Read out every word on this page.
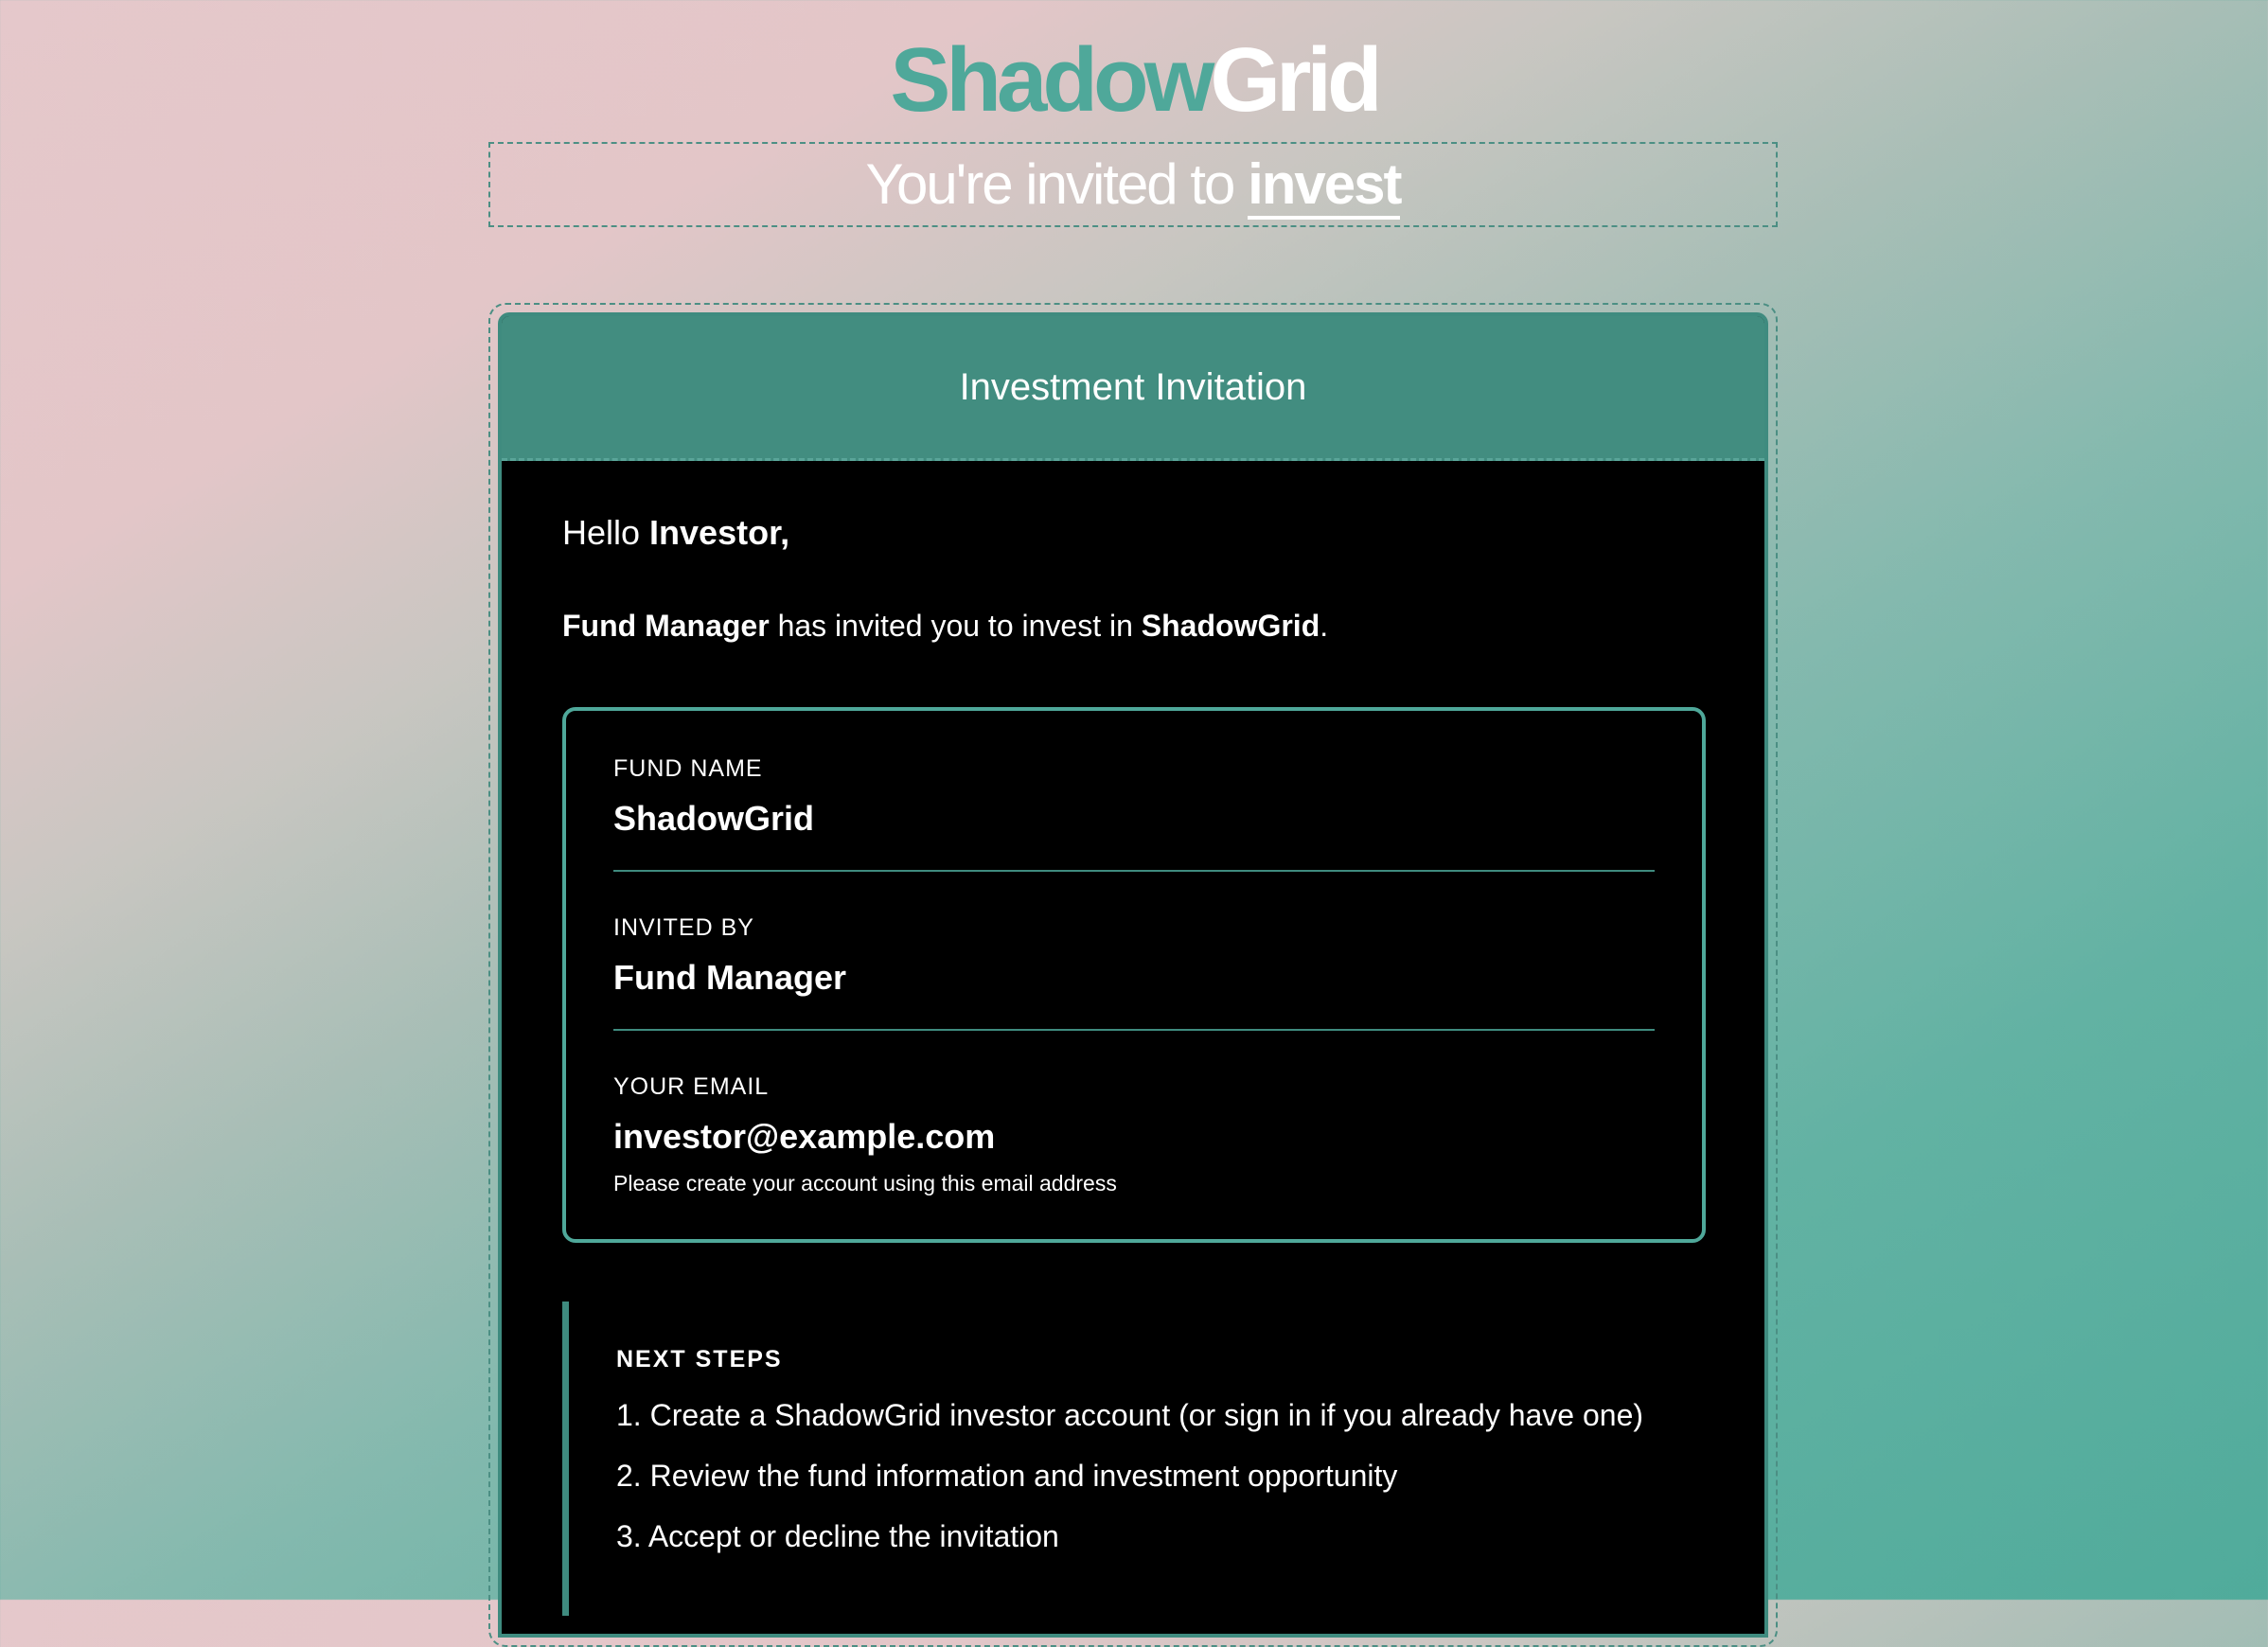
ShadowGrid
You're invited to invest
Investment Invitation
Hello Investor,
Fund Manager has invited you to invest in ShadowGrid.
FUND NAME
ShadowGrid
INVITED BY
Fund Manager
YOUR EMAIL
investor@example.com
Please create your account using this email address
NEXT STEPS
1. Create a ShadowGrid investor account (or sign in if you already have one)
2. Review the fund information and investment opportunity
3. Accept or decline the invitation
